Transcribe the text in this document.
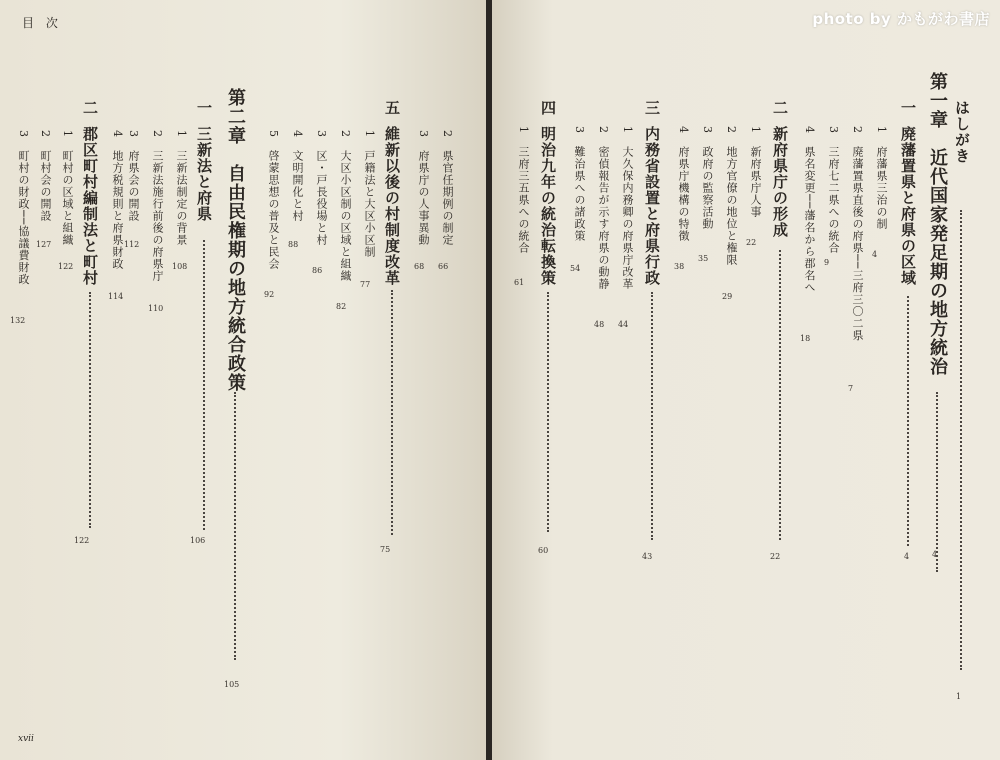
目 次
2
県官任期例の制定
66
3
府県庁の人事異動
68
五
維新以後の村制度改革
75
1
戸籍法と大区小区制
77
2
大区小区制の区域と組織
82
3
区・戸長役場と村
86
4
文明開化と村
88
5
啓蒙思想の普及と民会
92
第二章　自由民権期の地方統合政策
105
一
三新法と府県
106
1
三新法制定の背景
108
2
三新法施行前後の府県庁
110
3
府県会の開設
112
4
地方税規則と府県財政
114
二
郡区町村編制法と町村
122
1
町村の区域と組織
122
2
町村会の開設
127
3
町村の財政──協議費財政
132
xvii
はしがき
1
第一章　近代国家発足期の地方統治
4
一
廃藩置県と府県の区域
4
1
府藩県三治の制
4
2
廃藩置県直後の府県──三府三〇二県
7
3
三府七二県への統合
9
4
県名変更──藩名から郡名へ
18
二
新府県庁の形成
22
1
新府県庁人事
22
2
地方官僚の地位と権限
29
3
政府の監察活動
35
4
府県庁機構の特徴
38
三
内務省設置と府県行政
43
1
大久保内務卿の府県庁改革
44
2
密偵報告が示す府県の動静
48
3
難治県への諸政策
54
四
明治九年の統治転換策
60
1
三府三五県への統合
61
photo by かもがわ書店
